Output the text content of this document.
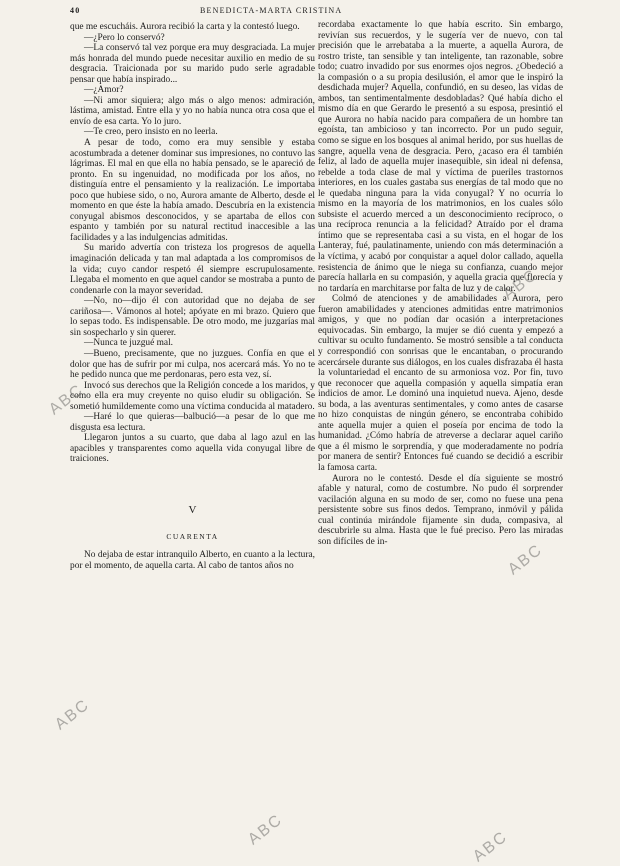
40	BENEDICTA-MARTA CRISTINA

que me escucháis. Aurora recibió la carta y la contestó luego.

—¿Pero lo conservó?

—La conservó tal vez porque era muy desgraciada. La mujer más honrada del mundo puede necesitar auxilio en medio de su desgracia. Traicionada por su marido pudo serle agradable pensar que había inspirado...

—¿Amor?

—Ni amor siquiera; algo más o algo menos: admiración, lástima, amistad. Entre ella y yo no había nunca otra cosa que el envío de esa carta. Yo lo juro.

—Te creo, pero insisto en no leerla.

A pesar de todo, como era muy sensible y estaba acostumbrada a detener dominar sus impresiones, no contuvo las lágrimas. El mal en que ella no había pensado, se le apareció de pronto. En su ingenuidad, no modificada por los años, no distinguía entre el pensamiento y la realización. Le importaba poco que hubiese sido, o no, Aurora amante de Alberto, desde el momento en que éste la había amado. Descubría en la existencia conyugal abismos desconocidos, y se apartaba de ellos con espanto y también por su natural rectitud inaccesible a las facilidades y a las indulgencias admitidas.

Su marido advertía con tristeza los progresos de aquella imaginación delicada y tan mal adaptada a los compromisos de la vida; cuyo candor respetó él siempre escrupulosamente. Llegaba el momento en que aquel candor se mostraba a punto de condenarle con la mayor severidad.

—No, no—dijo él con autoridad que no dejaba de ser cariñosa—. Vámonos al hotel; apóyate en mi brazo. Quiero que lo sepas todo. Es indispensable. De otro modo, me juzgarías mal sin sospecharlo y sin querer.

—Nunca te juzgué mal.

—Bueno, precisamente, que no juzgues. Confía en que el dolor que has de sufrir por mi culpa, nos acercará más. Yo no te he pedido nunca que me perdonaras, pero esta vez, sí.

Invocó sus derechos que la Religión concede a los maridos, y como ella era muy creyente no quiso eludir su obligación. Se sometió humildemente como una víctima conducida al matadero.

—Haré lo que quieras—balbució—a pesar de lo que me disgusta esa lectura.

Llegaron juntos a su cuarto, que daba al lago azul en las apacibles y transparentes como aquella vida conyugal libre de traiciones.

V
CUARENTA

No dejaba de estar intranquilo Alberto, en cuanto a la lectura, por el momento, de aquella carta. Al cabo de tantos años no

recordaba exactamente lo que había escrito. Sin embargo, revivían sus recuerdos, y le sugería ver de nuevo, con tal precisión que le arrebataba a la muerte, a aquella Aurora, de rostro triste, tan sensible y tan inteligente, tan razonable, sobre todo; cuatro invadido por sus enormes ojos negros. ¿Obedeció a la compasión o a su propia desilusión, el amor que le inspiró la desdichada mujer? Aquella, confundió, en su deseo, las vidas de ambos, tan sentimentalmente desdobladas? Qué había dicho el mismo día en que Gerardo le presentó a su esposa, presintió el que Aurora no había nacido para compañera de un hombre tan egoísta, tan ambicioso y tan incorrecto. Por un pudo seguir, como se sigue en los bosques al animal herido, por sus huellas de sangre, aquella vena de desgracia. Pero, ¿acaso era él también feliz, al lado de aquella mujer inasequible, sin ideal ni defensa, rebelde a toda clase de mal y víctima de pueriles trastornos interiores, en los cuales gastaba sus energías de tal modo que no le quedaba ninguna para la vida conyugal? Y no ocurría lo mismo en la mayoría de los matrimonios, en los cuales sólo subsiste el acuerdo merced a un desconocimiento recíproco, o una recíproca renuncia a la felicidad? Atraído por el drama íntimo que se representaba casi a su vista, en el hogar de los Lanteray, fué, paulatinamente, uniendo con más determinación a la víctima, y acabó por conquistar a aquel dolor callado, aquella resistencia de ánimo que le niega su confianza, cuando mejor parecía hallarla en su compasión, y aquella gracia que florecía y no tardaría en marchitarse por falta de luz y de calor.

Colmó de atenciones y de amabilidades a Aurora, pero fueron amabilidades y atenciones admitidas entre matrimonios amigos, y que no podían dar ocasión a interpretaciones equivocadas. Sin embargo, la mujer se dió cuenta y empezó a cultivar su oculto fundamento. Se mostró sensible a tal conducta y correspondió con sonrisas que le encantaban, o procurando acercársele durante sus diálogos, en los cuales disfrazaba él hasta la voluntariedad el encanto de su armoniosa voz. Por fin, tuvo que reconocer que aquella compasión y aquella simpatía eran indicios de amor. Le dominó una inquietud nueva. Ajeno, desde su boda, a las aventuras sentimentales, y como antes de casarse no hizo conquistas de ningún género, se encontraba cohibido ante aquella mujer a quien el poseía por encima de todo la humanidad. ¿Cómo habría de atreverse a declarar aquel cariño que a él mismo le sorprendía, y que moderadamente no podría por manera de sentir? Entonces fué cuando se decidió a escribir la famosa carta.

Aurora no le contestó. Desde el día siguiente se mostró afable y natural, como de costumbre. No pudo él sorprender vacilación alguna en su modo de ser, como no fuese una pena persistente sobre sus finos dedos. Temprano, inmóvil y pálida cual continúa mirándole fijamente sin duda, compasiva, al descubrirle su alma. Hasta que le fué preciso. Pero las miradas son difíciles de in-

ABC
ABC
ABC
ABC
ABC	ABC
